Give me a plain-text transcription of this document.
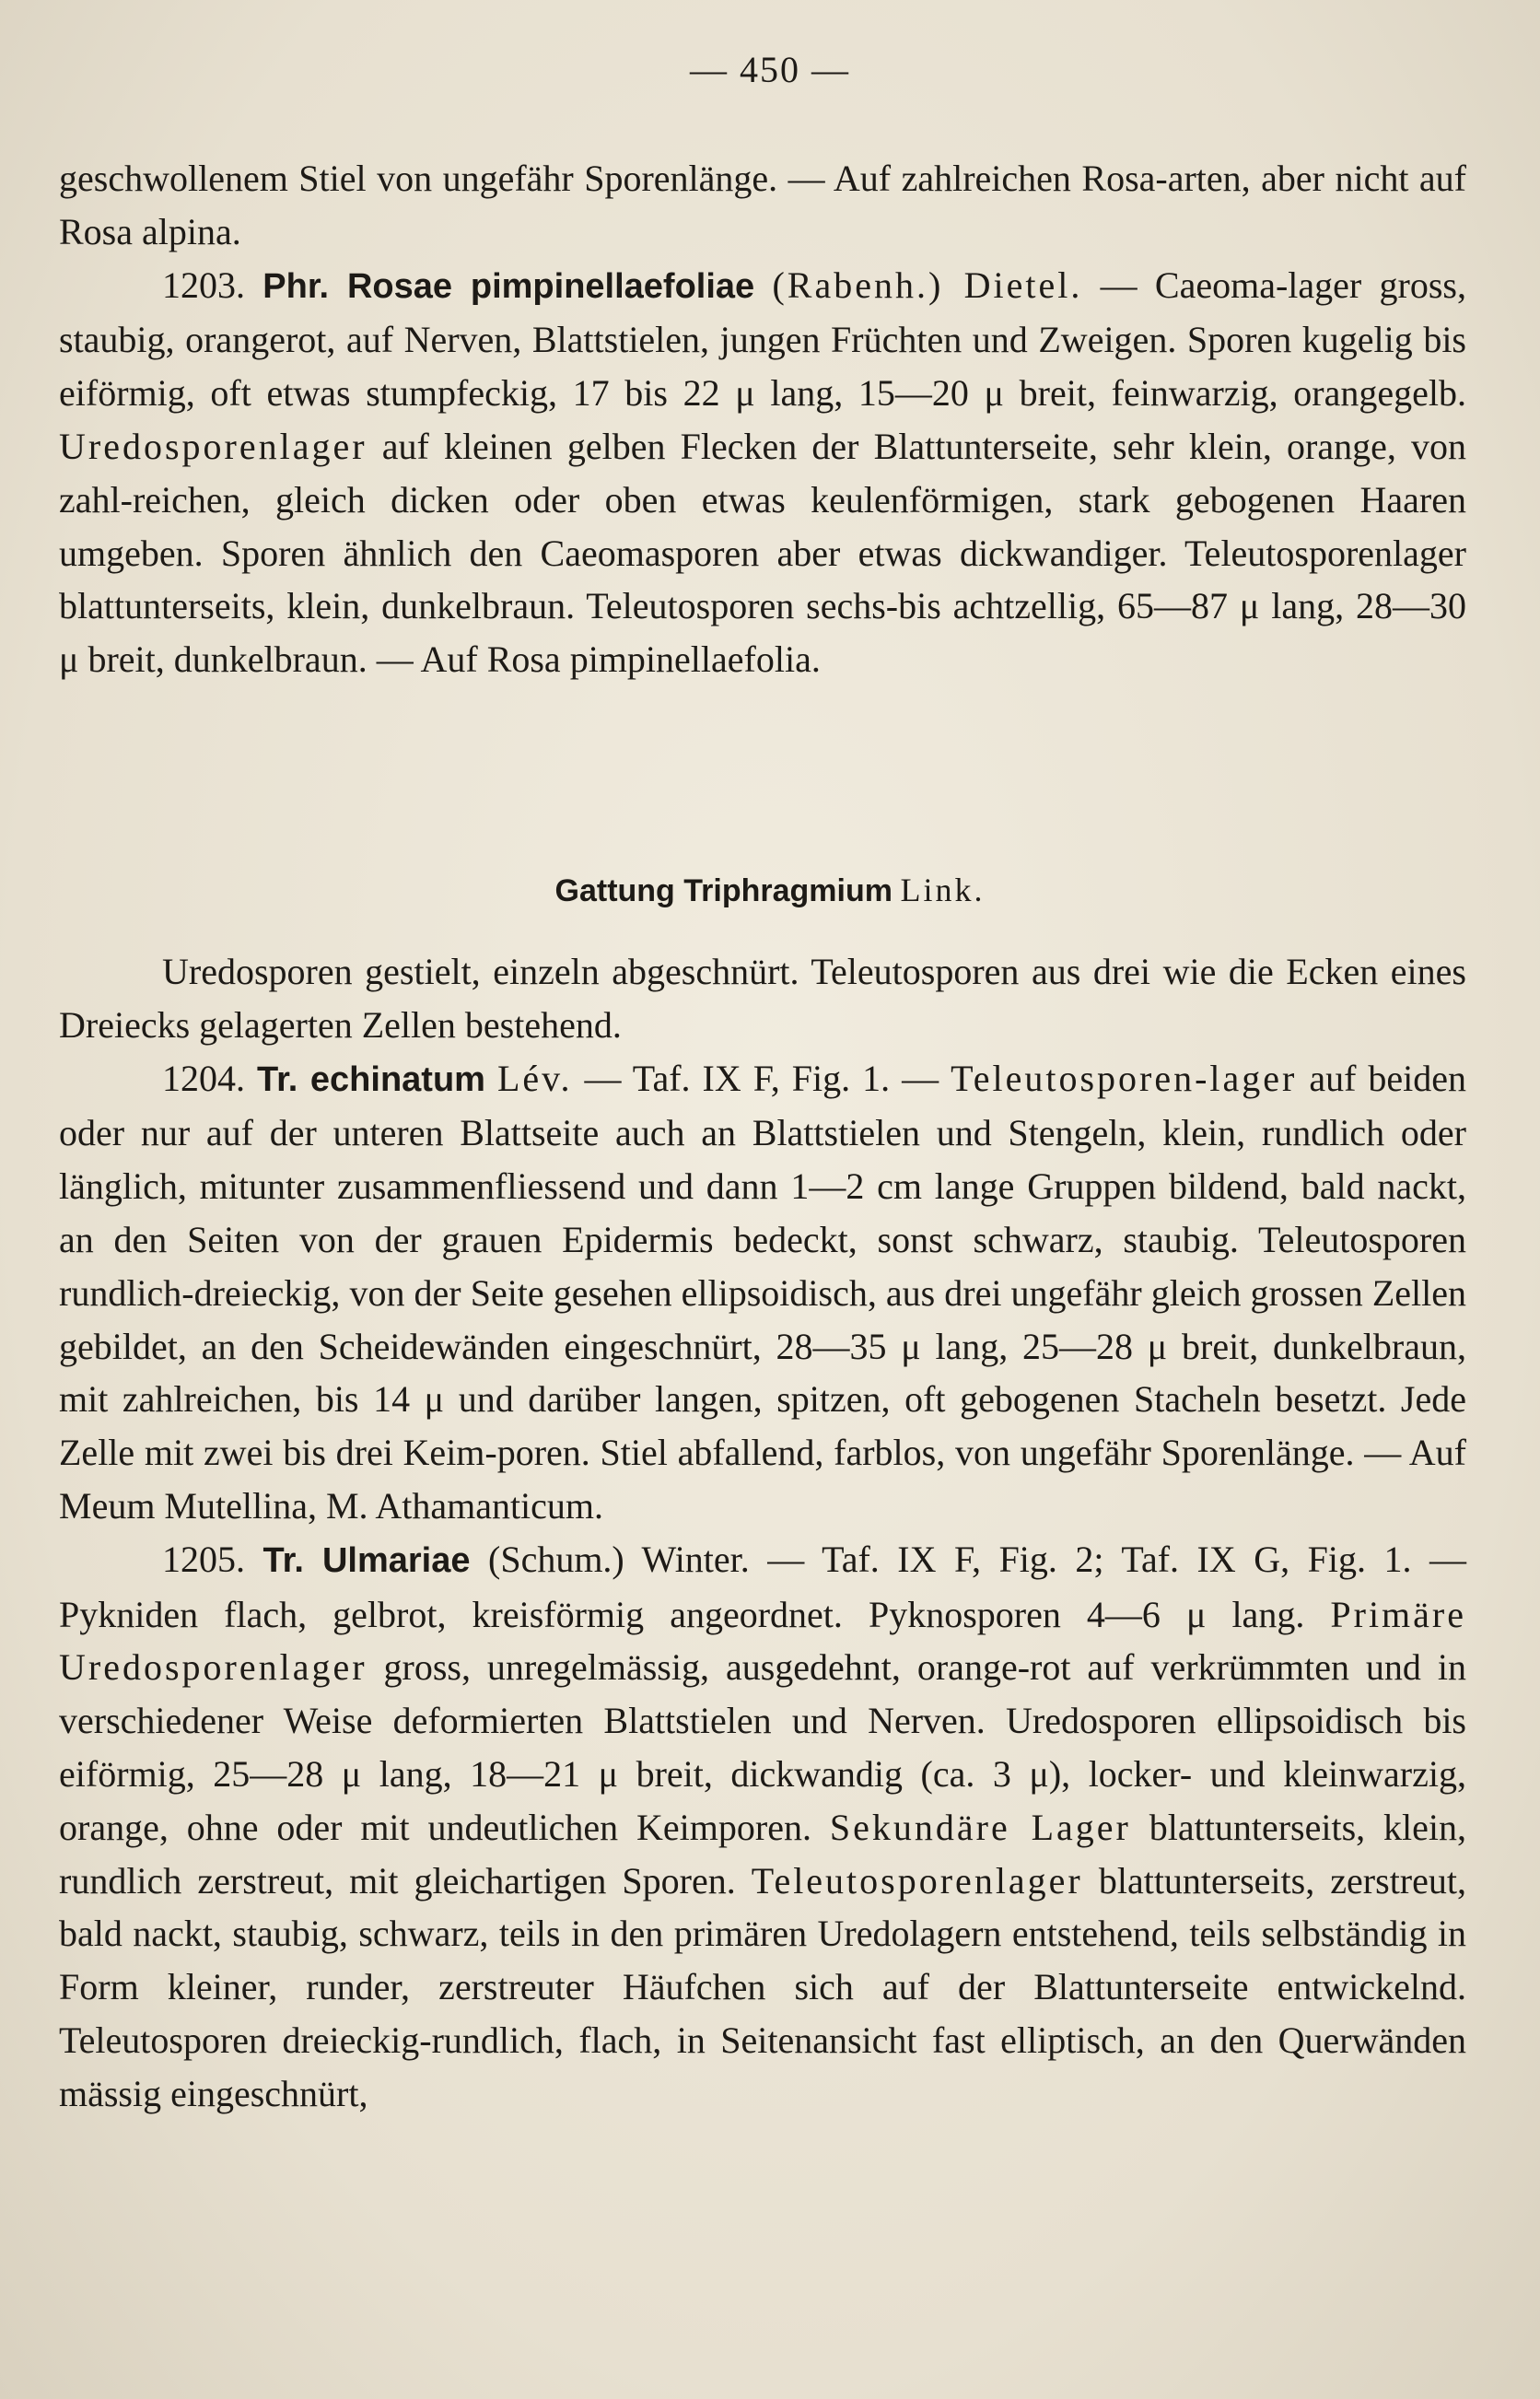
— 450 —

geschwollenem Stiel von ungefähr Sporenlänge. — Auf zahlreichen Rosa-arten, aber nicht auf Rosa alpina.

1203. Phr. Rosae pimpinellaefoliae (Rabenh.) Dietel. — Caeoma-lager gross, staubig, orangerot, auf Nerven, Blattstielen, jungen Früchten und Zweigen. Sporen kugelig bis eiförmig, oft etwas stumpfeckig, 17 bis 22 μ lang, 15—20 μ breit, feinwarzig, orangegelb. Uredosporenlager auf kleinen gelben Flecken der Blattunterseite, sehr klein, orange, von zahl-reichen, gleich dicken oder oben etwas keulenförmigen, stark gebogenen Haaren umgeben. Sporen ähnlich den Caeomasporen aber etwas dickwandiger. Teleutosporenlager blattunterseits, klein, dunkelbraun. Teleutosporen sechs-bis achtzellig, 65—87 μ lang, 28—30 μ breit, dunkelbraun. — Auf Rosa pimpinellaefolia.

Gattung Triphragmium Link.

Uredosporen gestielt, einzeln abgeschnürt. Teleutosporen aus drei wie die Ecken eines Dreiecks gelagerten Zellen bestehend.

1204. Tr. echinatum Lév. — Taf. IX F, Fig. 1. — Teleutosporen-lager auf beiden oder nur auf der unteren Blattseite auch an Blattstielen und Stengeln, klein, rundlich oder länglich, mitunter zusammenfliessend und dann 1—2 cm lange Gruppen bildend, bald nackt, an den Seiten von der grauen Epidermis bedeckt, sonst schwarz, staubig. Teleutosporen rundlich-dreieckig, von der Seite gesehen ellipsoidisch, aus drei ungefähr gleich grossen Zellen gebildet, an den Scheidewänden eingeschnürt, 28—35 μ lang, 25—28 μ breit, dunkelbraun, mit zahlreichen, bis 14 μ und darüber langen, spitzen, oft gebogenen Stacheln besetzt. Jede Zelle mit zwei bis drei Keim-poren. Stiel abfallend, farblos, von ungefähr Sporenlänge. — Auf Meum Mutellina, M. Athamanticum.

1205. Tr. Ulmariae (Schum.) Winter. — Taf. IX F, Fig. 2; Taf. IX G, Fig. 1. — Pykniden flach, gelbrot, kreisförmig angeordnet. Pyknosporen 4—6 μ lang. Primäre Uredosporenlager gross, unregelmässig, ausgedehnt, orange-rot auf verkrümmten und in verschiedener Weise deformierten Blattstielen und Nerven. Uredosporen ellipsoidisch bis eiförmig, 25—28 μ lang, 18—21 μ breit, dickwandig (ca. 3 μ), locker- und kleinwarzig, orange, ohne oder mit undeutlichen Keimporen. Sekundäre Lager blattunterseits, klein, rundlich zerstreut, mit gleichartigen Sporen. Teleutosporenlager blattunterseits, zerstreut, bald nackt, staubig, schwarz, teils in den primären Uredolagern entstehend, teils selbständig in Form kleiner, runder, zerstreuter Häufchen sich auf der Blattunterseite entwickelnd. Teleutosporen dreieckig-rundlich, flach, in Seitenansicht fast elliptisch, an den Querwänden mässig eingeschnürt,
